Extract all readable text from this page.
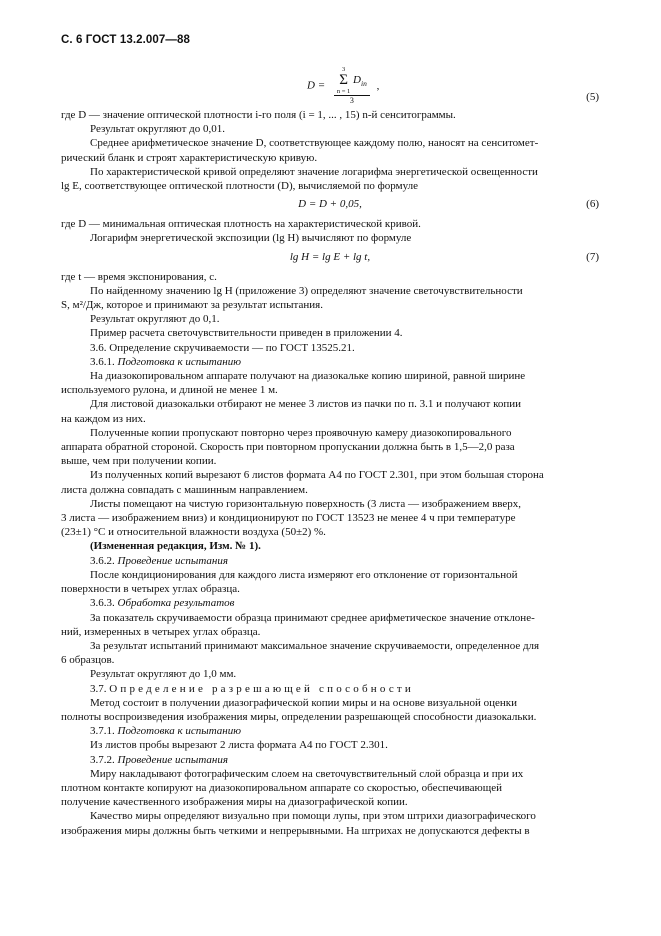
С. 6 ГОСТ 13.2.007—88
D =
3
Σ
n = 1
$D_{in}$
3
,
(5)

где D — значение оптической плотности i-го поля (i = 1, ... , 15) n-й сенситограммы.

Результат округляют до 0,01.

Среднее арифметическое значение D, соответствующее каждому полю, наносят на сенситомет-

рический бланк и строят характеристическую кривую.

По характеристической кривой определяют значение логарифма энергетической освещенности

lg E, соответствующее оптической плотности (D), вычисляемой по формуле

D = D + 0,05,	(6)

где D — минимальная оптическая плотность на характеристической кривой.

Логарифм энергетической экспозиции (lg H) вычисляют по формуле

lg H = lg E + lg t,	(7)

где t — время экспонирования, с.

По найденному значению lg H (приложение 3) определяют значение светочувствительности

S, м²/Дж, которое и принимают за результат испытания.

Результат округляют до 0,1.

Пример расчета светочувствительности приведен в приложении 4.

3.6. Определение скручиваемости — по ГОСТ 13525.21.

3.6.1. Подготовка к испытанию

На диазокопировальном аппарате получают на диазокальке копию шириной, равной ширине

используемого рулона, и длиной не менее 1 м.

Для листовой диазокальки отбирают не менее 3 листов из пачки по п. 3.1 и получают копии

на каждом из них.

Полученные копии пропускают повторно через проявочную камеру диазокопировального

аппарата обратной стороной. Скорость при повторном пропускании должна быть в 1,5—2,0 раза

выше, чем при получении копии.

Из полученных копий вырезают 6 листов формата А4 по ГОСТ 2.301, при этом большая сторона

листа должна совпадать с машинным направлением.

Листы помещают на чистую горизонтальную поверхность (3 листа — изображением вверх,

3 листа — изображением вниз) и кондиционируют по ГОСТ 13523 не менее 4 ч при температуре

(23±1) °С и относительной влажности воздуха (50±2) %.

(Измененная редакция, Изм. № 1).

3.6.2. Проведение испытания

После кондиционирования для каждого листа измеряют его отклонение от горизонтальной

поверхности в четырех углах образца.

3.6.3. Обработка результатов

За показатель скручиваемости образца принимают среднее арифметическое значение отклоне-

ний, измеренных в четырех углах образца.

За результат испытаний принимают максимальное значение скручиваемости, определенное для

6 образцов.

Результат округляют до 1,0 мм.

3.7. Определение разрешающей способности

Метод состоит в получении диазографической копии миры и на основе визуальной оценки

полноты воспроизведения изображения миры, определении разрешающей способности диазокальки.

3.7.1. Подготовка к испытанию

Из листов пробы вырезают 2 листа формата А4 по ГОСТ 2.301.

3.7.2. Проведение испытания

Миру накладывают фотографическим слоем на светочувствительный слой образца и при их

плотном контакте копируют на диазокопировальном аппарате со скоростью, обеспечивающей

получение качественного изображения миры на диазографической копии.

Качество миры определяют визуально при помощи лупы, при этом штрихи диазографического

изображения миры должны быть четкими и непрерывными. На штрихах не допускаются дефекты в
